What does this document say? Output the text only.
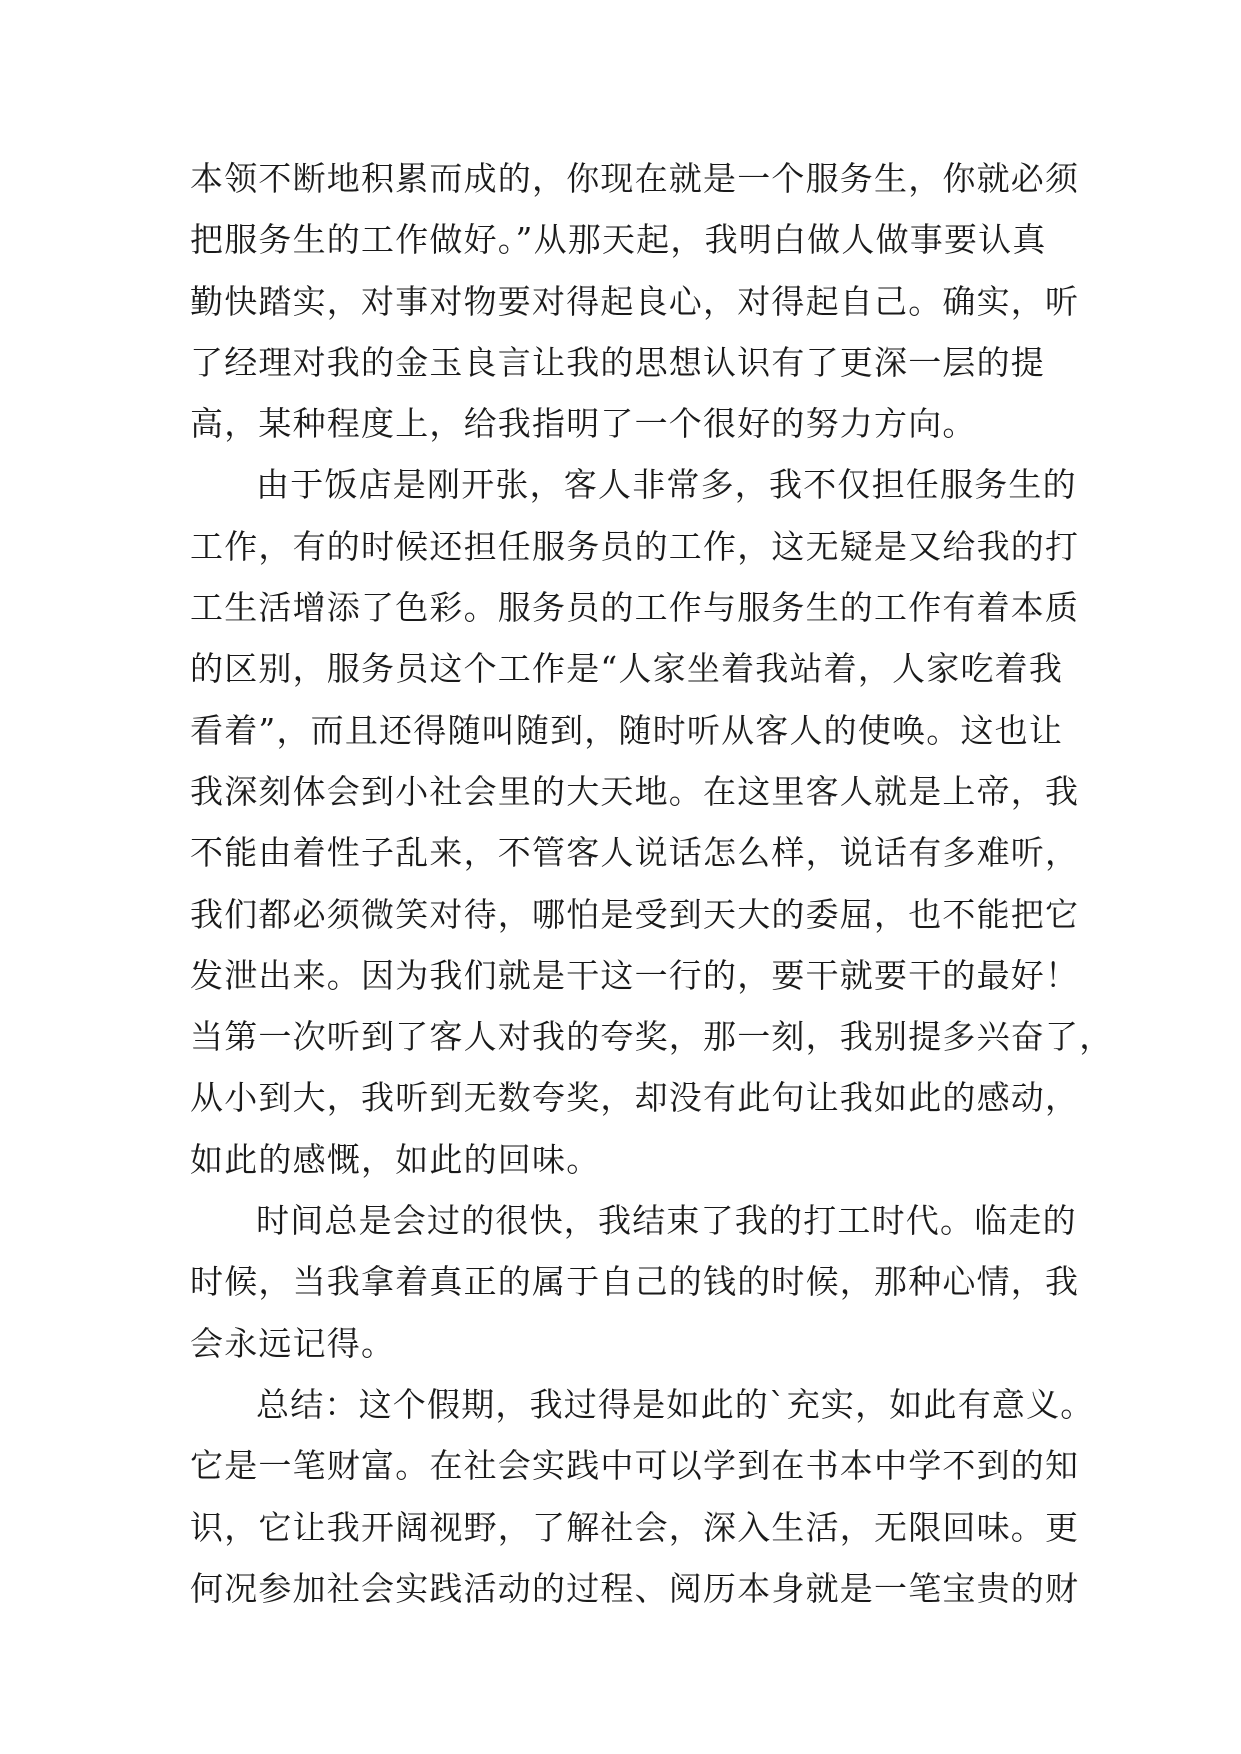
本领不断地积累而成的，你现在就是一个服务生，你就必须
把服务生的工作做好。”从那天起，我明白做人做事要认真
勤快踏实，对事对物要对得起良心，对得起自己。确实，听
了经理对我的金玉良言让我的思想认识有了更深一层的提
高，某种程度上，给我指明了一个很好的努力方向。
由于饭店是刚开张，客人非常多，我不仅担任服务生的
工作，有的时候还担任服务员的工作，这无疑是又给我的打
工生活增添了色彩。服务员的工作与服务生的工作有着本质
的区别，服务员这个工作是“人家坐着我站着，人家吃着我
看着”，而且还得随叫随到，随时听从客人的使唤。这也让
我深刻体会到小社会里的大天地。在这里客人就是上帝，我
不能由着性子乱来，不管客人说话怎么样，说话有多难听，
我们都必须微笑对待，哪怕是受到天大的委屈，也不能把它
发泄出来。因为我们就是干这一行的，要干就要干的最好！
当第一次听到了客人对我的夸奖，那一刻，我别提多兴奋了，
从小到大，我听到无数夸奖，却没有此句让我如此的感动，
如此的感慨，如此的回味。
时间总是会过的很快，我结束了我的打工时代。临走的
时候，当我拿着真正的属于自己的钱的时候，那种心情，我
会永远记得。
总结：这个假期，我过得是如此的`充实，如此有意义。
它是一笔财富。在社会实践中可以学到在书本中学不到的知
识，它让我开阔视野，了解社会，深入生活，无限回味。更
何况参加社会实践活动的过程、阅历本身就是一笔宝贵的财
